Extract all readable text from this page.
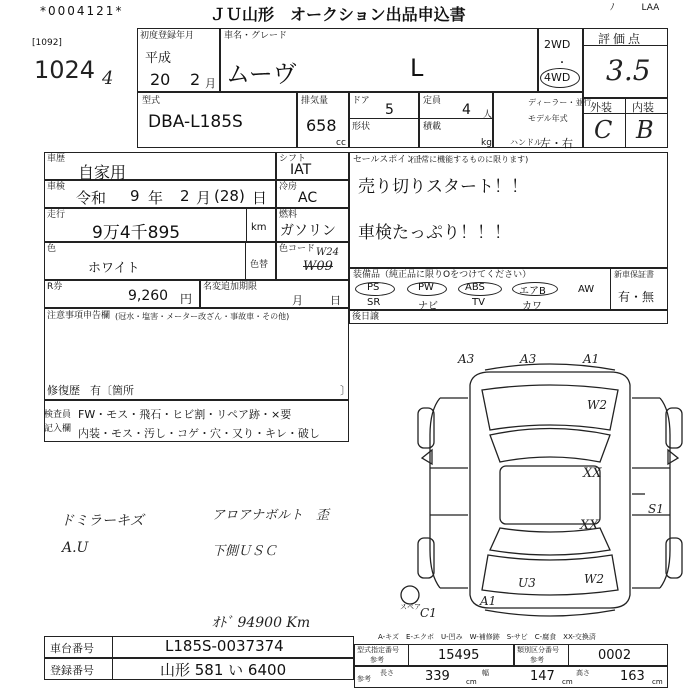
*0004121*	ＪＵ山形　オークション出品申込書	ﾉ　　　LAA
[1092]
1024 4
初度登録年月
平成
20 2 月
車名・グレード
ムーヴ	L
2WD
・
4WD
評価点
3.5
型式
DBA-L185S
排気量
658
cc
ドア
5
形状
定員
4 人
積載
kg
ディーラー・並行
モデル年式
ハンドル
左・右
外装 内装
C B
車歴
自家用
車検
令和 9 年 2 月 (28) 日
走行
9万4千895	km
シフト
IAT
冷房
AC
燃料
ガソリン
色
ホワイト	色替
色コード W24
W09
R券
9,260 円
名変追加期限
月 日
セールスポイント
(正常に機能するものに限ります)
売り切りスタート！！
車検たっぷり！！！
装備品（純正品に限りOをつけてください）	新車保証書
有・無
PS
SR
PW
ナビ
ABS
TV
エアB
カワ
AW
注意事項申告欄 (冠水・塩害・メーター改ざん・事故車・その他)
修復歴 有〔箇所	〕
後日譲
検査員
記入欄
FW・モス・飛石・ヒビ割・リペア跡・×要
内装・モス・汚し・コゲ・穴・又り・キレ・破し
ドミラーキズ
A.U
アロアナボルト　歪
下側ＵＳＣ
ｵﾄﾞ 94900 Km
A3	A3	A1
W2
XX
S1
XX
W2
U3
A1
C1
スペア
A-キズ　E-エクボ　U-凹み　W-補修跡　S-サビ　C-腐食　XX-交換済
車台番号	L185S-0037374
登録番号	山形 581 い 6400
型式指定番号
参考	15495	類別区分番号
参考	0002
参考
長さ 339 cm
幅	147 cm
高さ 163 cm
